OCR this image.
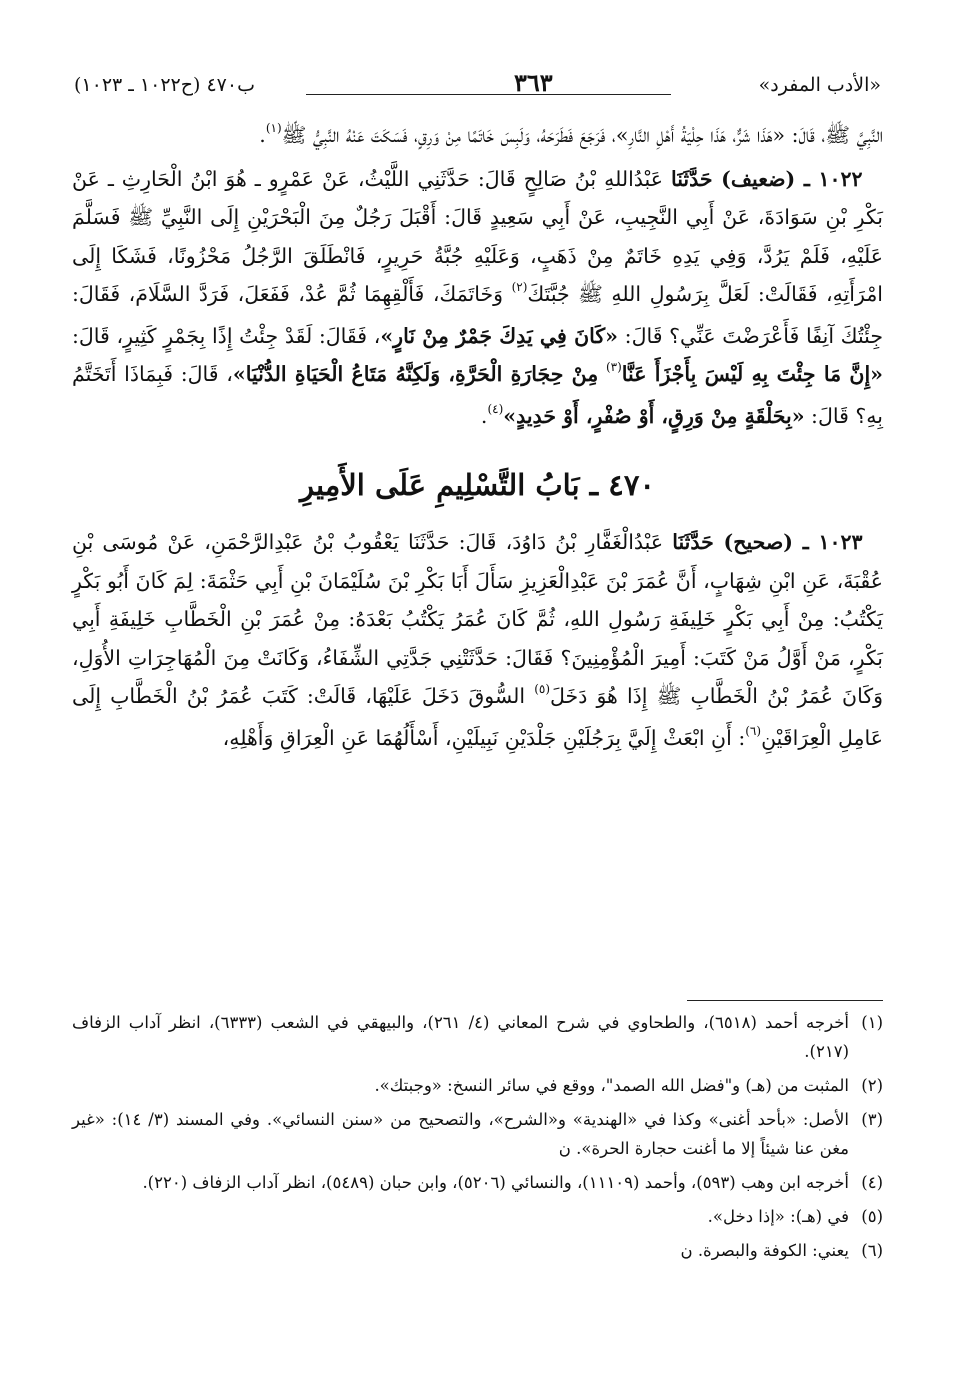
«الأدب المفرد»
٣٦٣
ب٤٧٠ (ح١٠٢٢ ـ ١٠٢٣)

النَّبِيَّ ﷺ، قَالَ: «هَذَا شَرٌّ، هَذَا حِلْيَةُ أَهْلِ النَّارِ»، فَرَجَعَ فَطَرَحَهُ، وَلَبِسَ خَاتَمًا مِنْ وَرِقٍ، فَسَكَتَ عَنْهُ النَّبِيُّ ﷺ$^{(١)}$.

 ١٠٢٢ ـ (ضعيف) حَدَّثَنَا عَبْدُاللهِ بْنُ صَالِحٍ قَالَ: حَدَّثَنِي اللَّيْثُ، عَنْ عَمْرٍو ـ هُوَ ابْنُ الْحَارِثِ ـ عَنْ بَكْرِ بْنِ سَوَادَةَ، عَنْ أَبِي النَّجِيبِ، عَنْ أَبِي سَعِيدٍ قَالَ: أَقْبَلَ رَجُلٌ مِنَ الْبَحْرَيْنِ إِلَى النَّبِيِّ ﷺ فَسَلَّمَ عَلَيْهِ، فَلَمْ يَرُدَّ، وَفِي يَدِهِ خَاتَمٌ مِنْ ذَهَبٍ، وَعَلَيْهِ جُبَّةُ حَرِيرٍ، فَانْطَلَقَ الرَّجُلُ مَحْزُونًا، فَشَكَا إِلَى امْرَأَتِهِ، فَقَالَتْ: لَعَلَّ بِرَسُولِ اللهِ ﷺ جُبَّتَكَ$^{(٢)}$ وَخَاتَمَكَ، فَأَلْقِهِمَا ثُمَّ عُدْ، فَفَعَلَ، فَرَدَّ السَّلَامَ، فَقَالَ: جِئْتُكَ آنِفًا فَأَعْرَضْتَ عَنِّي؟ قَالَ: «كَانَ فِي يَدِكَ جَمْرٌ مِنْ نَارٍ»، فَقَالَ: لَقَدْ جِئْتُ إِذًا بِجَمْرٍ كَثِيرٍ، قَالَ: «إِنَّ مَا جِئْتَ بِهِ لَيْسَ بِأَجْزَأَ عَنَّا$^{(٣)}$ مِنْ حِجَارَةِ الْحَرَّةِ، وَلَكِنَّهُ مَتَاعُ الْحَيَاةِ الدُّنْيَا»، قَالَ: فَبِمَاذَا أَتَخَتَّمُ بِهِ؟ قَالَ: «بِحَلْقَةٍ مِنْ وَرِقٍ، أَوْ صُفْرٍ، أَوْ حَدِيدٍ»$^{(٤)}$.

٤٧٠ ـ بَابُ التَّسْلِيمِ عَلَى الأَمِيرِ

 ١٠٢٣ ـ (صحيح) حَدَّثَنَا عَبْدُالْغَفَّارِ بْنُ دَاوُدَ، قَالَ: حَدَّثَنَا يَعْقُوبُ بْنُ عَبْدِالرَّحْمَنِ، عَنْ مُوسَى بْنِ عُقْبَةَ، عَنِ ابْنِ شِهَابٍ، أَنَّ عُمَرَ بْنَ عَبْدِالْعَزِيزِ سَأَلَ أَبَا بَكْرِ بْنَ سُلَيْمَانَ بْنِ أَبِي حَثْمَةَ: لِمَ كَانَ أَبُو بَكْرٍ يَكْتُبُ: مِنْ أَبِي بَكْرٍ خَلِيفَةِ رَسُولِ اللهِ، ثُمَّ كَانَ عُمَرُ يَكْتُبُ بَعْدَهُ: مِنْ عُمَرَ بْنِ الْخَطَّابِ خَلِيفَةِ أَبِي بَكْرٍ، مَنْ أَوَّلُ مَنْ كَتَبَ: أَمِيرَ الْمُؤْمِنِينَ؟ فَقَالَ: حَدَّثَتْنِي جَدَّتِي الشِّفَاءُ، وَكَانَتْ مِنَ الْمُهَاجِرَاتِ الأُوَلِ، وَكَانَ عُمَرُ بْنُ الْخَطَّابِ ﷺ إِذَا هُوَ دَخَلَ$^{(٥)}$ السُّوقَ دَخَلَ عَلَيْهَا، قَالَتْ: كَتَبَ عُمَرُ بْنُ الْخَطَّابِ إِلَى عَامِلِ الْعِرَاقَيْنِ$^{(٦)}$: أَنِ ابْعَثْ إِلَيَّ بِرَجُلَيْنِ جَلْدَيْنِ نَبِيلَيْنِ، أَسْأَلُهُمَا عَنِ الْعِرَاقِ وَأَهْلِهِ،

(١)
أخرجه أحمد (٦٥١٨)، والطحاوي في شرح المعاني (٤/ ٢٦١)، والبيهقي في الشعب (٦٣٣٣)، انظر آداب الزفاف (٢١٧).
(٢)
المثبت من (هـ) و"فضل الله الصمد"، ووقع في سائر النسخ: «وجبتك».
(٣)
الأصل: «بأحد أغنى» وكذا في «الهندية» و«الشرح»، والتصحيح من «سنن النسائي». وفي المسند (٣/ ١٤): «غير مغن عنا شيئاً إلا ما أغنت حجارة الحرة». ن
(٤)
أخرجه ابن وهب (٥٩٣)، وأحمد (١١١٠٩)، والنسائي (٥٢٠٦)، وابن حبان (٥٤٨٩)، انظر آداب الزفاف (٢٢٠).
(٥)
في (هـ): «إذا دخل».
(٦)
يعني: الكوفة والبصرة. ن
